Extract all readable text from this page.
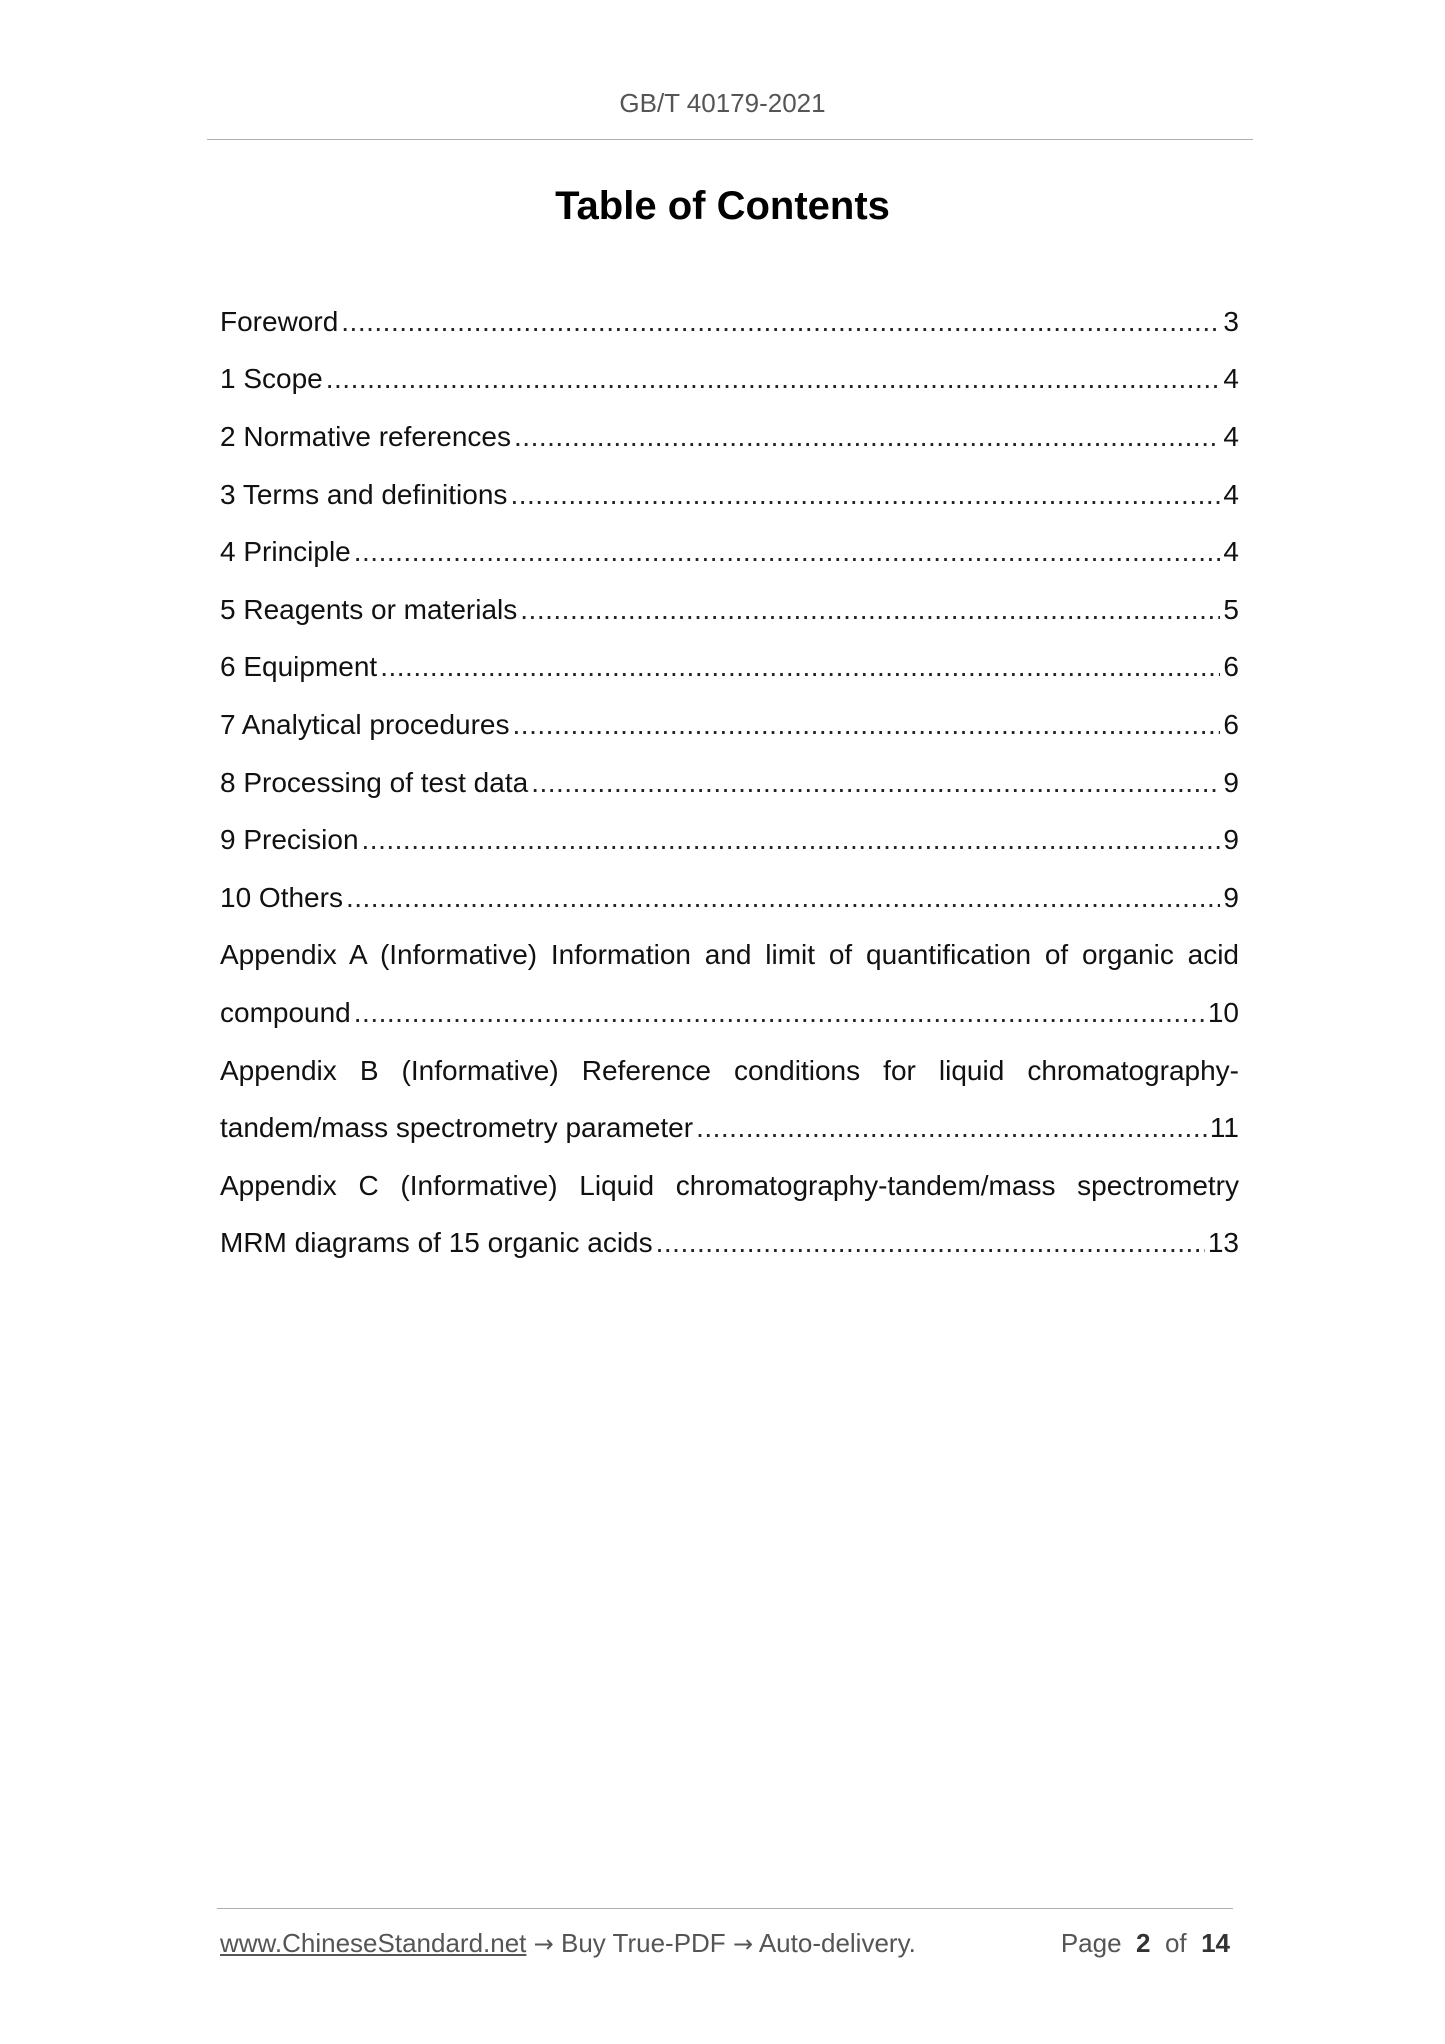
GB/T 40179-2021
Table of Contents
Foreword .....	3
1 Scope .....	4
2 Normative references .....	4
3 Terms and definitions .....	4
4 Principle .....	4
5 Reagents or materials .....	5
6 Equipment .....	6
7 Analytical procedures .....	6
8 Processing of test data .....	9
9 Precision .....	9
10 Others .....	9
Appendix A (Informative) Information and limit of quantification of organic acid
compound .....	10
Appendix B (Informative) Reference conditions for liquid chromatography-
tandem/mass spectrometry parameter .....	11
Appendix C (Informative) Liquid chromatography-tandem/mass spectrometry
MRM diagrams of 15 organic acids .....	13
www.ChineseStandard.net → Buy True-PDF → Auto-delivery.	Page 2 of 14
